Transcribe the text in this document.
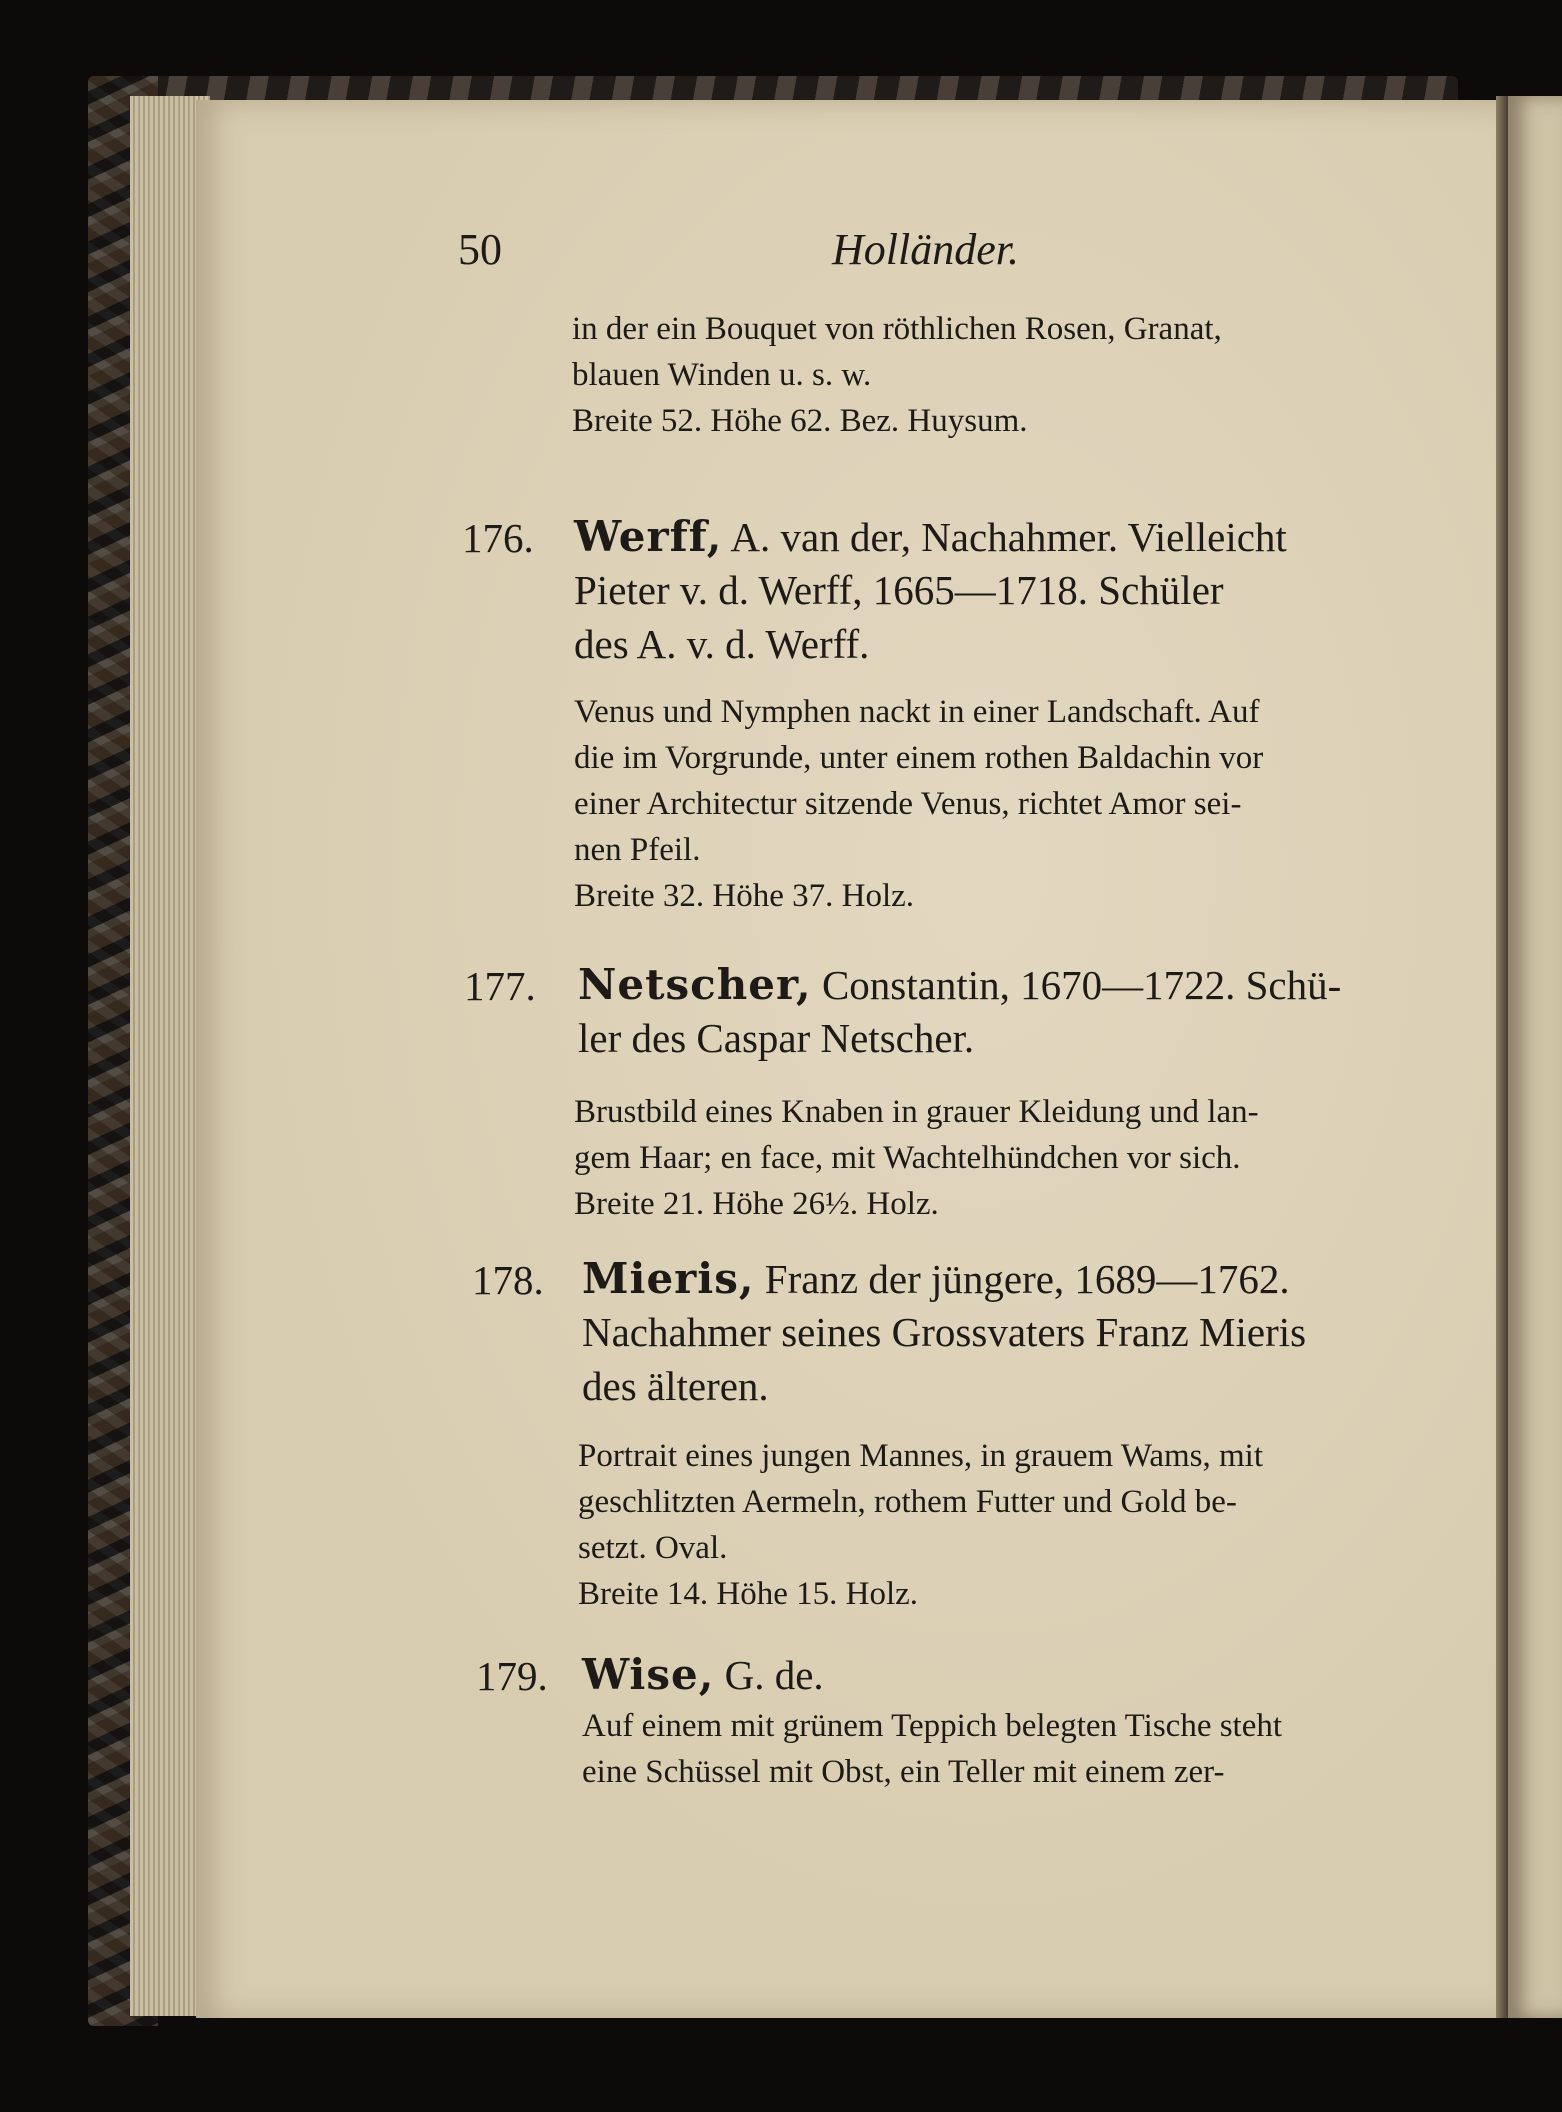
50	Holländer.
in der ein Bouquet von röthlichen Rosen, Granat,
blauen Winden u. s. w.
Breite 52. Höhe 62. Bez. Huysum.
176. Werff, A. van der, Nachahmer. Vielleicht
Pieter v. d. Werff, 1665—1718. Schüler
des A. v. d. Werff.
Venus und Nymphen nackt in einer Landschaft. Auf
die im Vorgrunde, unter einem rothen Baldachin vor
einer Architectur sitzende Venus, richtet Amor sei-
nen Pfeil.
Breite 32. Höhe 37. Holz.
177. Netscher, Constantin, 1670—1722. Schü-
ler des Caspar Netscher.
Brustbild eines Knaben in grauer Kleidung und lan-
gem Haar; en face, mit Wachtelhündchen vor sich.
Breite 21. Höhe 26½. Holz.
178. Mieris, Franz der jüngere, 1689—1762.
Nachahmer seines Grossvaters Franz Mieris
des älteren.
Portrait eines jungen Mannes, in grauem Wams, mit
geschlitzten Aermeln, rothem Futter und Gold be-
setzt. Oval.
Breite 14. Höhe 15. Holz.
179. Wise, G. de.
Auf einem mit grünem Teppich belegten Tische steht
eine Schüssel mit Obst, ein Teller mit einem zer-
